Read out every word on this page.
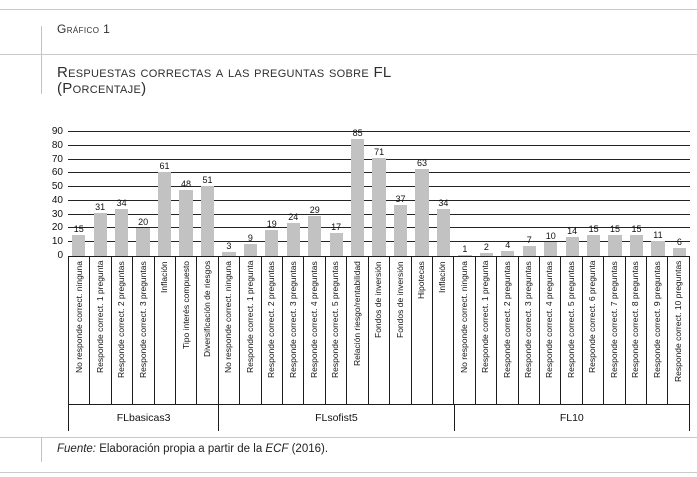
Gráfico 1
Respuestas correctas a las preguntas sobre FL
(Porcentaje)
0
10
20
30
40
50
60
70
80
90
15
31 34
20
61
48 51
3
9
19
24
29
17
85
71
37
63
34
1 2 4 7 10
14 15 15 15
11
6
No responde correct. ninguna Responde correct. 1 pregunta Responde correct. 2 preguntas Responde correct. 3 preguntas Inflación Tipo interés compuesto Diversificación de riesgos No responde correct. ninguna Responde correct. 1 pregunta Responde correct. 2 preguntas Responde correct. 3 preguntas Responde correct. 4 preguntas Responde correct. 5 preguntas Relación riesgo/rentabilidad Fondos de inversión Fondos de inversión Hipotecas Inflación No responde correct. ninguna Responde correct. 1 pregunta Responde correct. 2 preguntas Responde correct. 3 preguntas Responde correct. 4 preguntas Responde correct. 5 preguntas Responde correct. 6 pregunta Responde correct. 7 preguntas Responde correct. 8 preguntas Responde correct. 9 preguntas Responde correct. 10 preguntas
FLbasicas3	FLsofist5	FL10
Fuente: Elaboración propia a partir de la ECF (2016).
